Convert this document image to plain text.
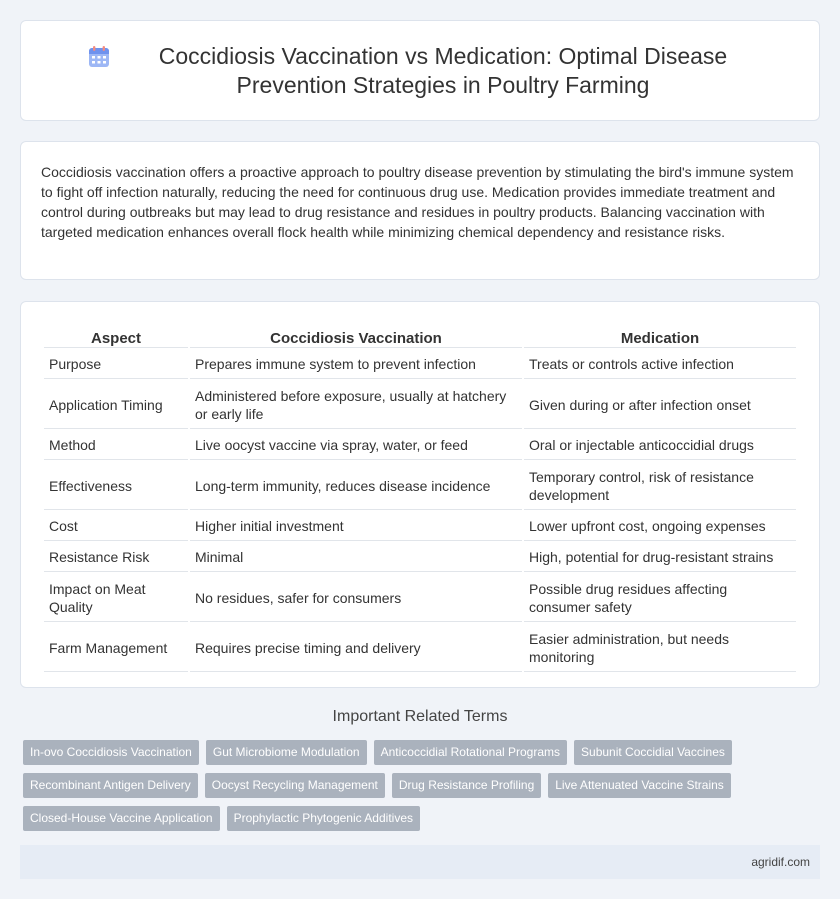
Coccidiosis Vaccination vs Medication: Optimal Disease Prevention Strategies in Poultry Farming

Coccidiosis vaccination offers a proactive approach to poultry disease prevention by stimulating the bird's immune system to fight off infection naturally, reducing the need for continuous drug use. Medication provides immediate treatment and control during outbreaks but may lead to drug resistance and residues in poultry products. Balancing vaccination with targeted medication enhances overall flock health while minimizing chemical dependency and resistance risks.

Aspect	Coccidiosis Vaccination	Medication
Purpose	Prepares immune system to prevent infection	Treats or controls active infection
Application Timing	Administered before exposure, usually at hatchery or early life	Given during or after infection onset
Method	Live oocyst vaccine via spray, water, or feed	Oral or injectable anticoccidial drugs
Effectiveness	Long-term immunity, reduces disease incidence	Temporary control, risk of resistance development
Cost	Higher initial investment	Lower upfront cost, ongoing expenses
Resistance Risk	Minimal	High, potential for drug-resistant strains
Impact on Meat Quality	No residues, safer for consumers	Possible drug residues affecting consumer safety
Farm Management	Requires precise timing and delivery	Easier administration, but needs monitoring
Important Related Terms
In-ovo Coccidiosis Vaccination	Gut Microbiome Modulation	Anticoccidial Rotational Programs	Subunit Coccidial Vaccines
Recombinant Antigen Delivery	Oocyst Recycling Management	Drug Resistance Profiling	Live Attenuated Vaccine Strains
Closed-House Vaccine Application	Prophylactic Phytogenic Additives
agridif.com
